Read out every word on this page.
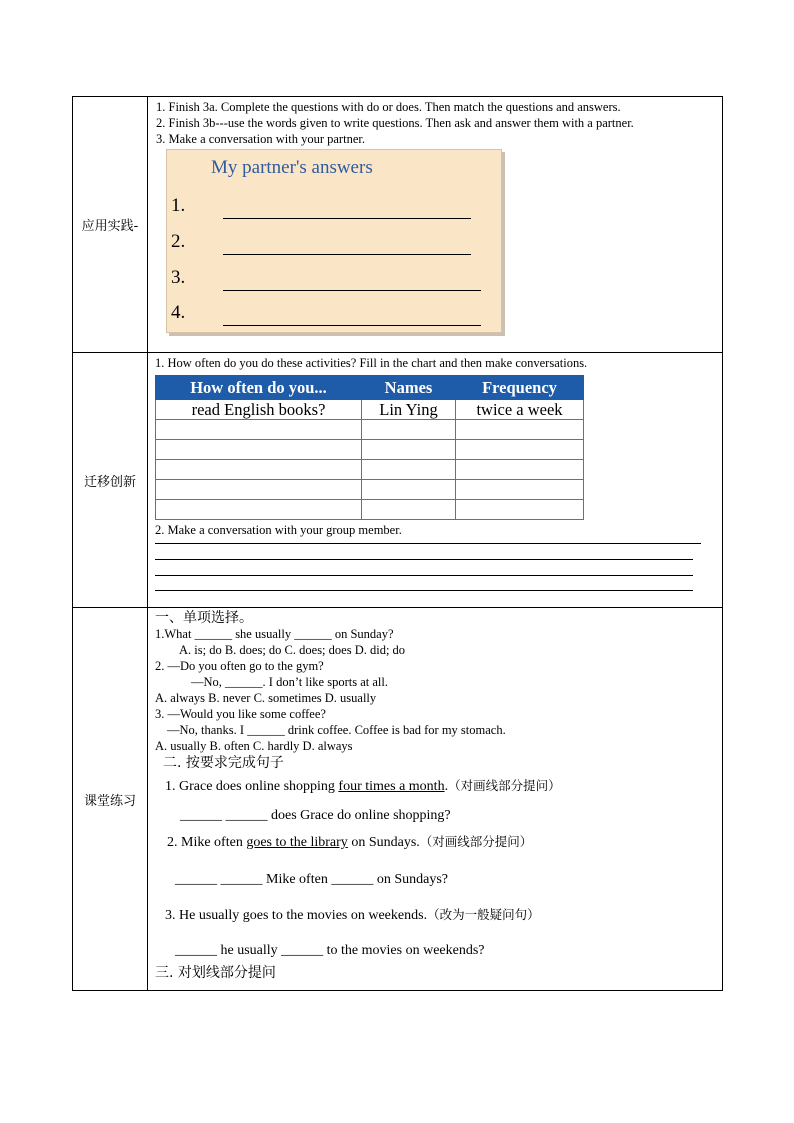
应用实践-	
1. Finish 3a. Complete the questions with do or does. Then match the questions and answers.
2. Finish 3b---use the words given to write questions. Then ask and answer them with a partner.
3. Make a conversation with your partner.
My partner's answers
1.
2.
3.
4.

迁移创新	
1. How often do you do these activities? Fill in the chart and then make conversations.
How often do you...	Names	Frequency
read English books?	Lin Ying	twice a week

2. Make a conversation with your group member.

课堂练习	
一、单项选择。
1.What ______ she usually ______ on Sunday?
A. is; do B. does; do C. does; does D. did; do
2. —Do you often go to the gym?
—No, ______. I don’t like sports at all.
A. always B. never C. sometimes D. usually
3. —Would you like some coffee?
—No, thanks. I ______ drink coffee. Coffee is bad for my stomach.
A. usually B. often C. hardly D. always
二. 按要求完成句子
1. Grace does online shopping four times a month.（对画线部分提问）
______ ______ does Grace do online shopping?
2. Mike often goes to the library on Sundays.（对画线部分提问）
______ ______ Mike often ______ on Sundays?
3. He usually goes to the movies on weekends.（改为一般疑问句）
______ he usually ______ to the movies on weekends?
三. 对划线部分提问
